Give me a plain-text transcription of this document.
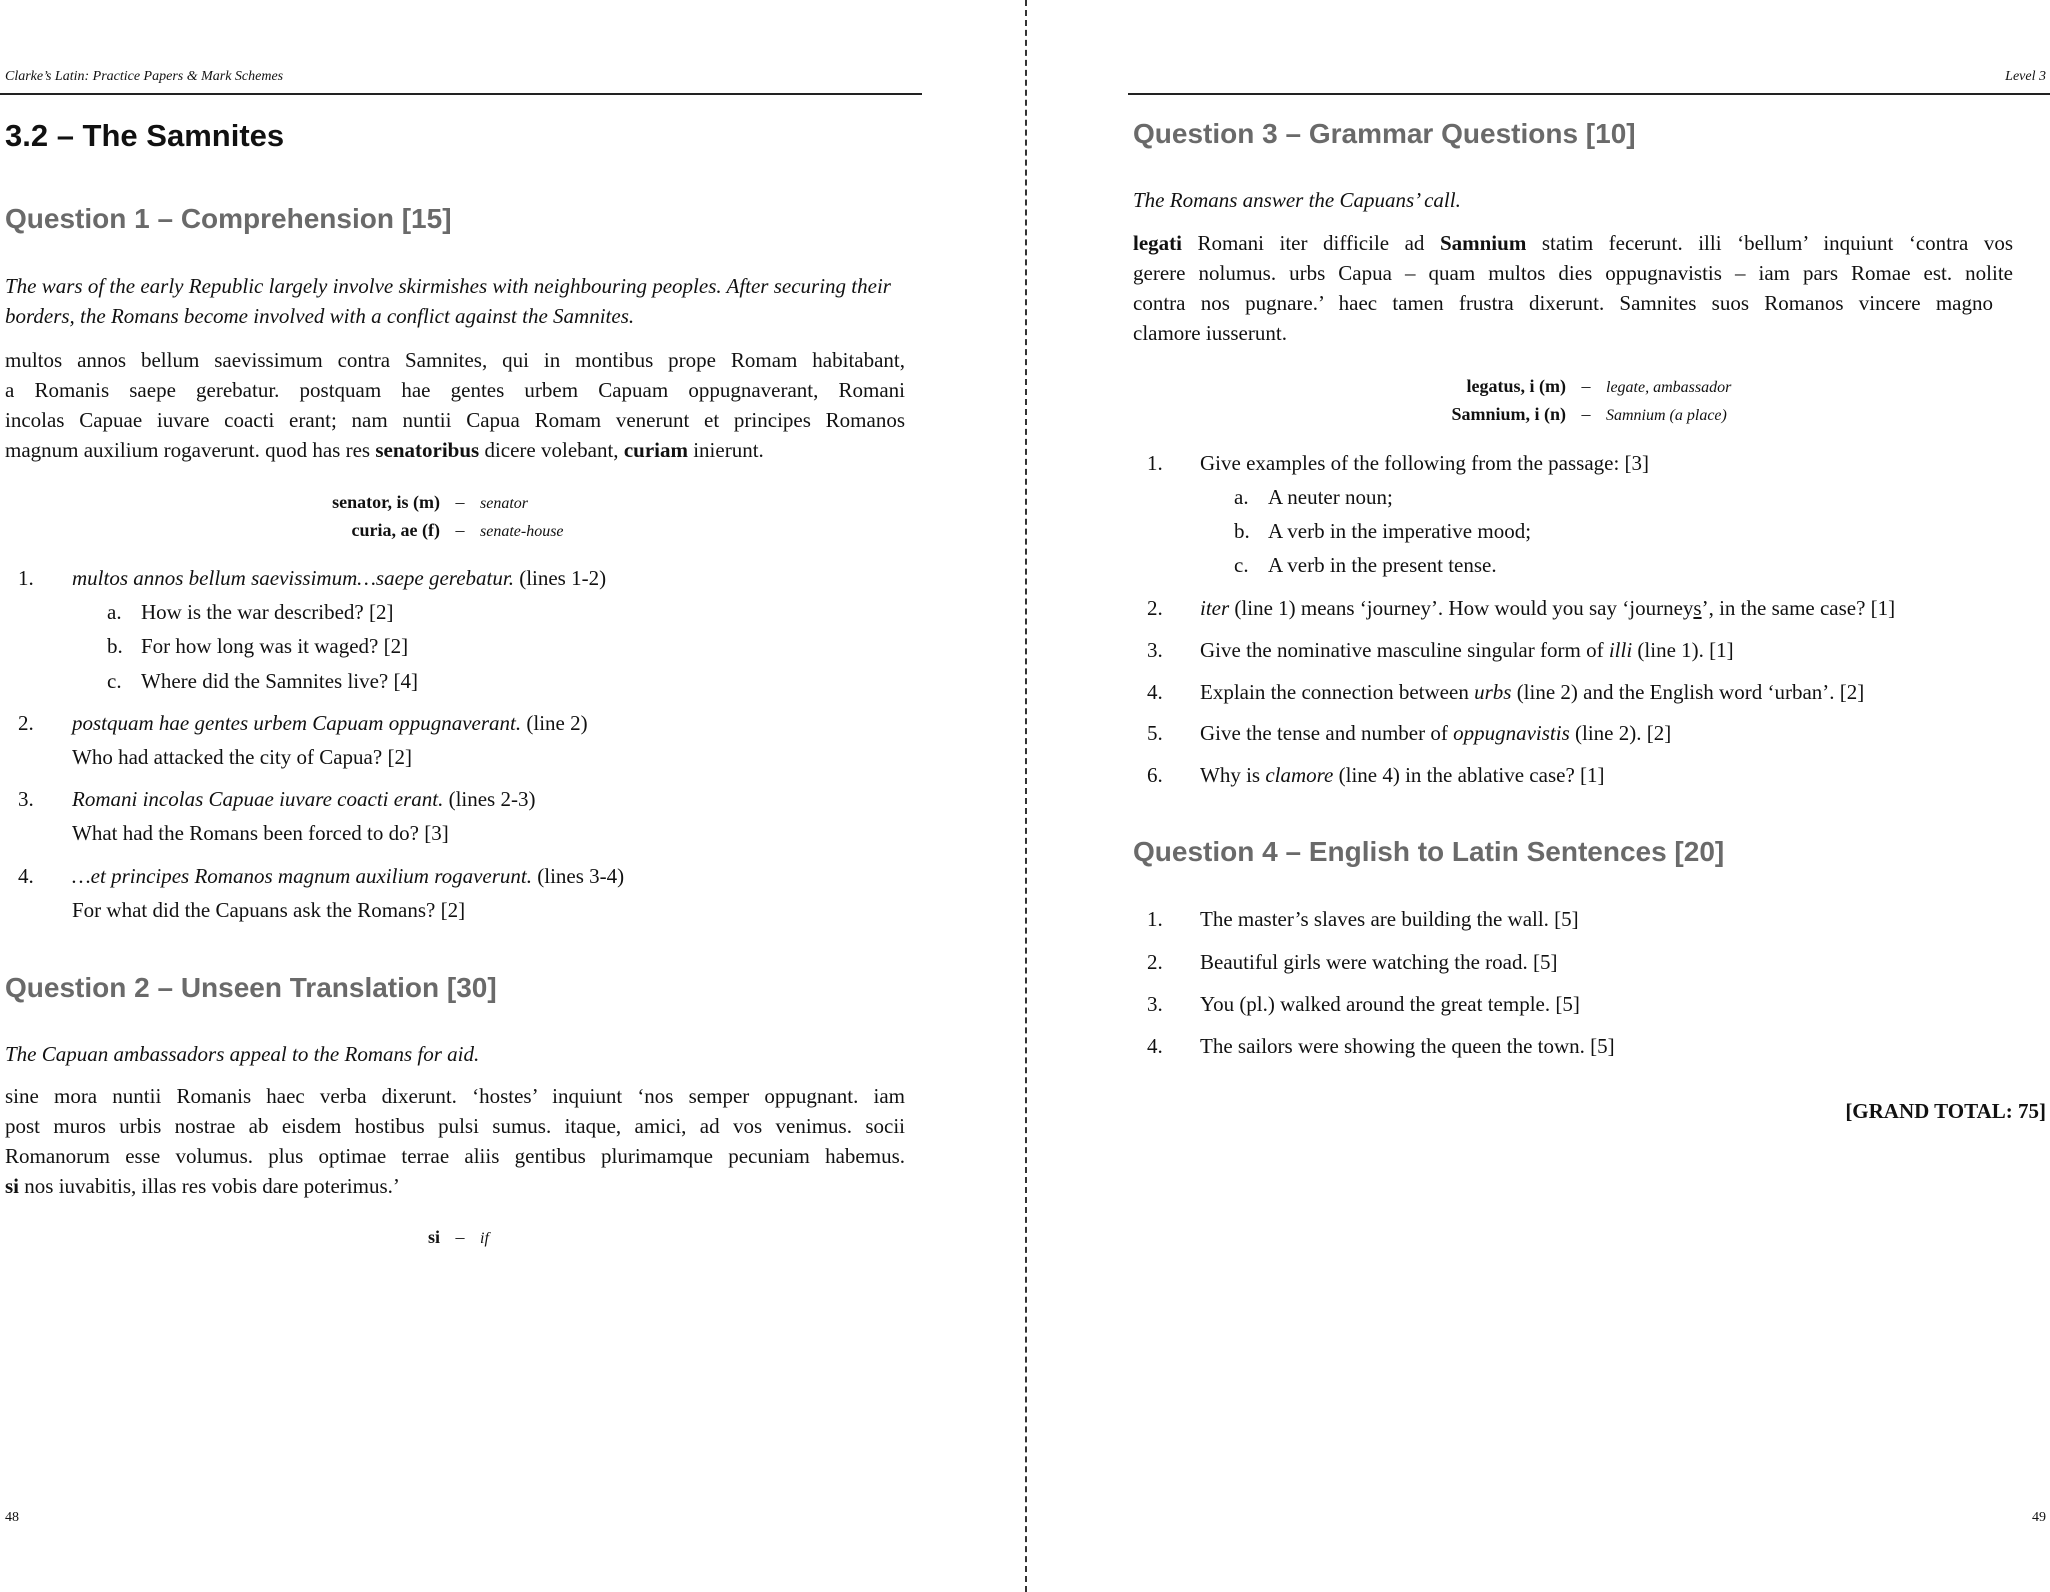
Clarke’s Latin: Practice Papers & Mark Schemes
3.2 – The Samnites
Question 1 – Comprehension [15]
The wars of the early Republic largely involve skirmishes with neighbouring peoples. After securing their
borders, the Romans become involved with a conflict against the Samnites.
multos annos bellum saevissimum contra Samnites, qui in montibus prope Romam habitabant,
a Romanis saepe gerebatur. postquam hae gentes urbem Capuam oppugnaverant, Romani
incolas Capuae iuvare coacti erant; nam nuntii Capua Romam venerunt et principes Romanos
magnum auxilium rogaverunt. quod has res senatoribus dicere volebant, curiam inierunt.
senator, is (m) – senator
curia, ae (f) – senate-house
1. multos annos bellum saevissimum…saepe gerebatur. (lines 1-2)
a. How is the war described? [2]
b. For how long was it waged? [2]
c. Where did the Samnites live? [4]
2. postquam hae gentes urbem Capuam oppugnaverant. (line 2)
Who had attacked the city of Capua? [2]
3. Romani incolas Capuae iuvare coacti erant. (lines 2-3)
What had the Romans been forced to do? [3]
4. …et principes Romanos magnum auxilium rogaverunt. (lines 3-4)
For what did the Capuans ask the Romans? [2]
Question 2 – Unseen Translation [30]
The Capuan ambassadors appeal to the Romans for aid.
sine mora nuntii Romanis haec verba dixerunt. ‘hostes’ inquiunt ‘nos semper oppugnant. iam
post muros urbis nostrae ab eisdem hostibus pulsi sumus. itaque, amici, ad vos venimus. socii
Romanorum esse volumus. plus optimae terrae aliis gentibus plurimamque pecuniam habemus.
si nos iuvabitis, illas res vobis dare poterimus.’
si – if
48
Level 3
Question 3 – Grammar Questions [10]
The Romans answer the Capuans’ call.
legati Romani iter difficile ad Samnium statim fecerunt. illi ‘bellum’ inquiunt ‘contra vos
gerere nolumus. urbs Capua – quam multos dies oppugnavistis – iam pars Romae est. nolite
contra nos pugnare.’ haec tamen frustra dixerunt. Samnites suos Romanos vincere magno
clamore iusserunt.
legatus, i (m) – legate, ambassador
Samnium, i (n) – Samnium (a place)
1. Give examples of the following from the passage: [3]
a. A neuter noun;
b. A verb in the imperative mood;
c. A verb in the present tense.
2. iter (line 1) means ‘journey’. How would you say ‘journeys’, in the same case? [1]
3. Give the nominative masculine singular form of illi (line 1). [1]
4. Explain the connection between urbs (line 2) and the English word ‘urban’. [2]
5. Give the tense and number of oppugnavistis (line 2). [2]
6. Why is clamore (line 4) in the ablative case? [1]
Question 4 – English to Latin Sentences [20]
1. The master’s slaves are building the wall. [5]
2. Beautiful girls were watching the road. [5]
3. You (pl.) walked around the great temple. [5]
4. The sailors were showing the queen the town. [5]
[GRAND TOTAL: 75]
49
